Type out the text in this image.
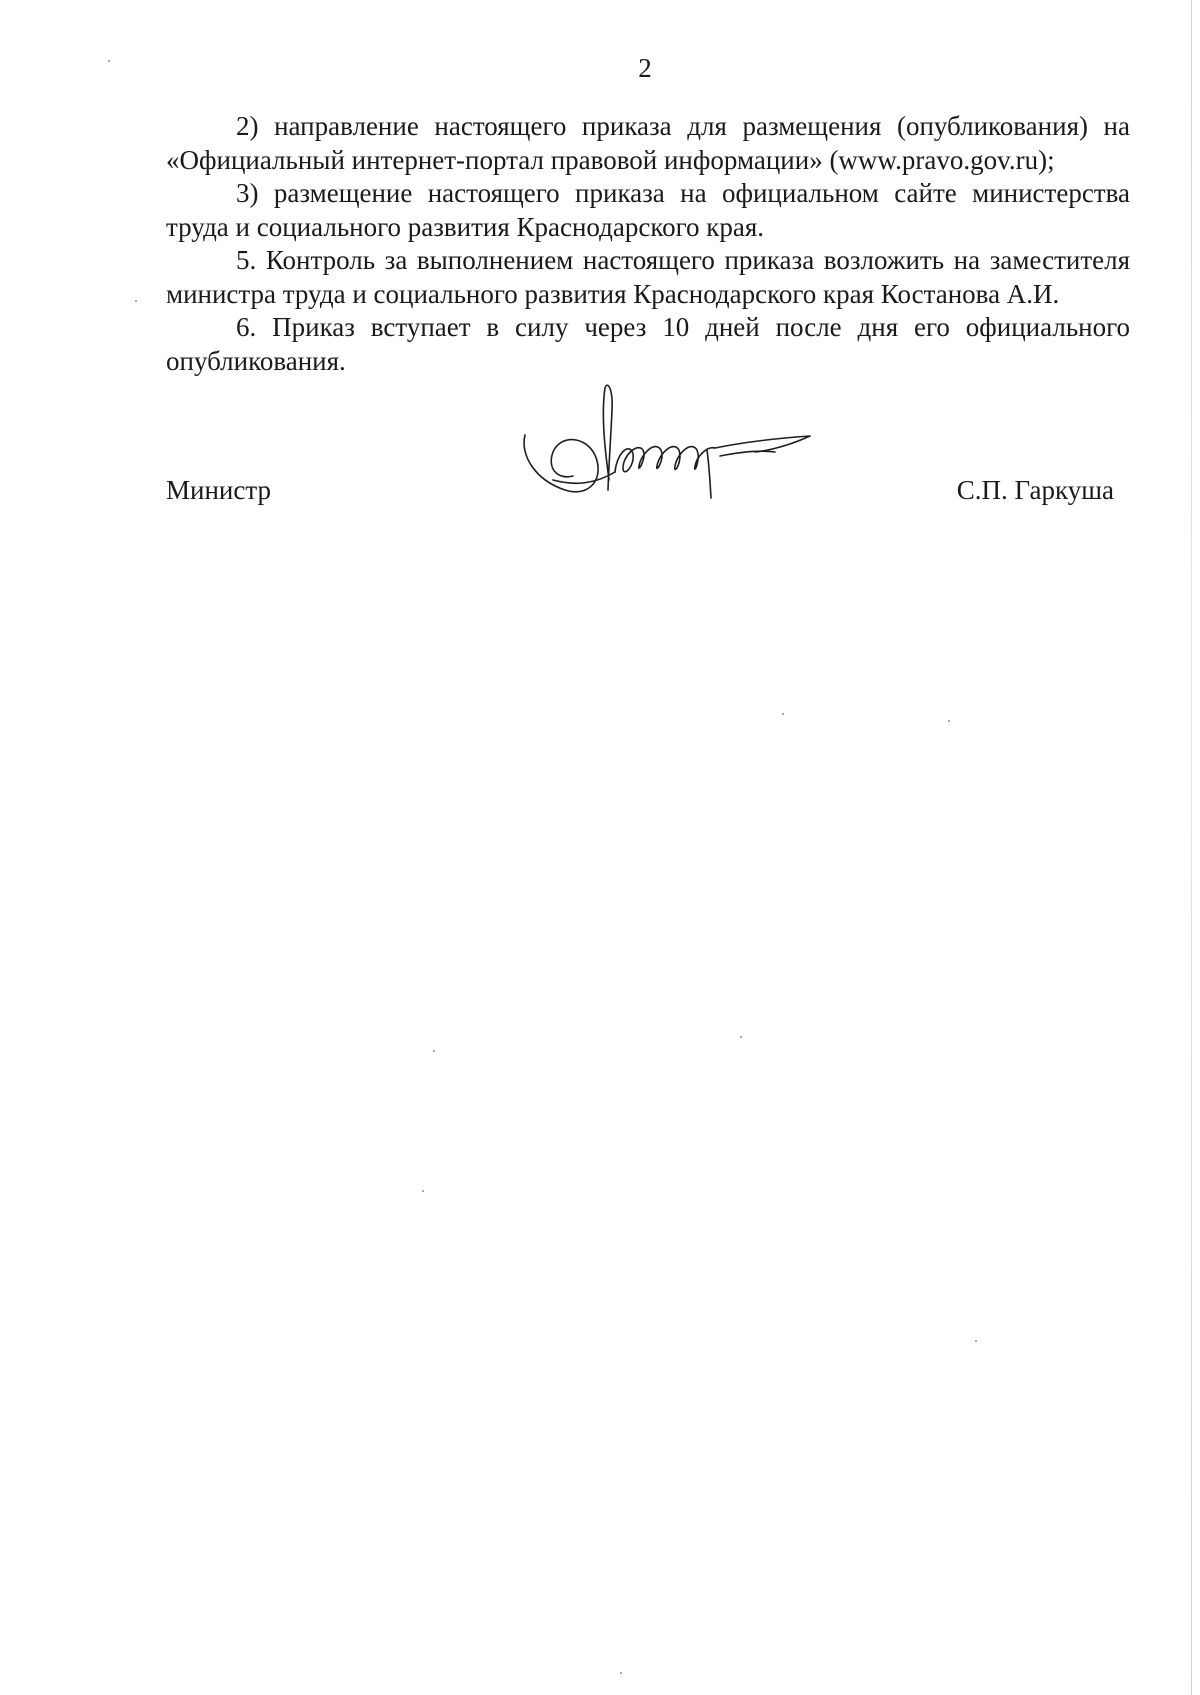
2

2) направление настоящего приказа для размещения (опубликования) на «Официальный интернет-портал правовой информации» (www.pravo.gov.ru);

3) размещение настоящего приказа на официальном сайте министерства труда и социального развития Краснодарского края.

5. Контроль за выполнением настоящего приказа возложить на заместителя министра труда и социального развития Краснодарского края Костанова А.И.

6. Приказ вступает в силу через 10 дней после дня его официального опубликования.

Министр	С.П. Гаркуша
